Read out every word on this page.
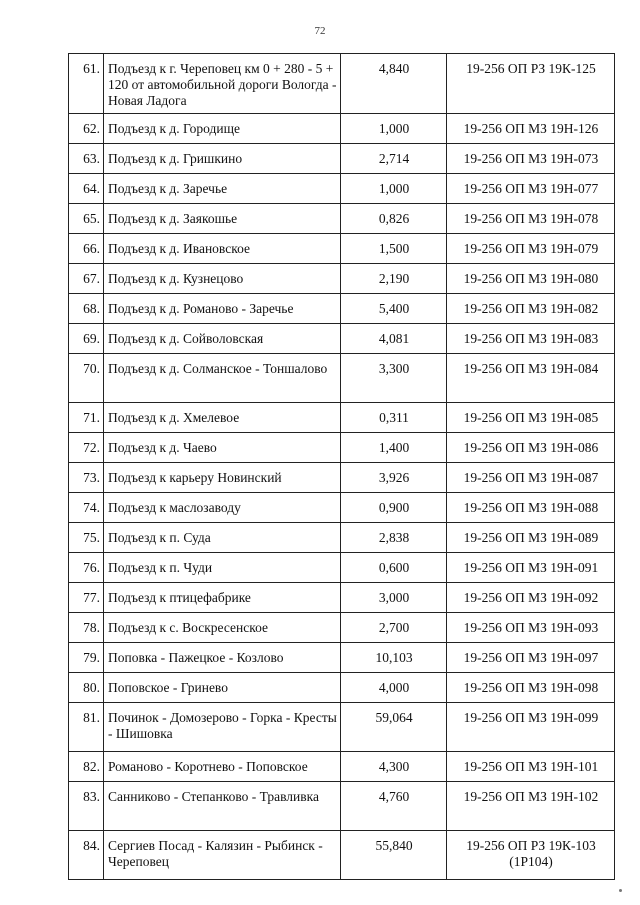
72
61.	Подъезд к г. Череповец км 0 + 280 - 5 + 120 от автомобильной дороги Вологда - Новая Ладога	4,840	19-256 ОП РЗ 19К-125
62.	Подъезд к д. Городище	1,000	19-256 ОП МЗ 19Н-126
63.	Подъезд к д. Гришкино	2,714	19-256 ОП МЗ 19Н-073
64.	Подъезд к д. Заречье	1,000	19-256 ОП МЗ 19Н-077
65.	Подъезд к д. Заякошье	0,826	19-256 ОП МЗ 19Н-078
66.	Подъезд к д. Ивановское	1,500	19-256 ОП МЗ 19Н-079
67.	Подъезд к д. Кузнецово	2,190	19-256 ОП МЗ 19Н-080
68.	Подъезд к д. Романово - Заречье	5,400	19-256 ОП МЗ 19Н-082
69.	Подъезд к д. Сойволовская	4,081	19-256 ОП МЗ 19Н-083
70.	Подъезд к д. Солманское - Тоншалово	3,300	19-256 ОП МЗ 19Н-084
71.	Подъезд к д. Хмелевое	0,311	19-256 ОП МЗ 19Н-085
72.	Подъезд к д. Чаево	1,400	19-256 ОП МЗ 19Н-086
73.	Подъезд к карьеру Новинский	3,926	19-256 ОП МЗ 19Н-087
74.	Подъезд к маслозаводу	0,900	19-256 ОП МЗ 19Н-088
75.	Подъезд к п. Суда	2,838	19-256 ОП МЗ 19Н-089
76.	Подъезд к п. Чуди	0,600	19-256 ОП МЗ 19Н-091
77.	Подъезд к птицефабрике	3,000	19-256 ОП МЗ 19Н-092
78.	Подъезд к с. Воскресенское	2,700	19-256 ОП МЗ 19Н-093
79.	Поповка - Пажецкое - Козлово	10,103	19-256 ОП МЗ 19Н-097
80.	Поповское - Гринево	4,000	19-256 ОП МЗ 19Н-098
81.	Починок - Домозерово - Горка - Кресты - Шишовка	59,064	19-256 ОП МЗ 19Н-099
82.	Романово - Коротнево - Поповское	4,300	19-256 ОП МЗ 19Н-101
83.	Санниково - Степанково - Травливка	4,760	19-256 ОП МЗ 19Н-102
84.	Сергиев Посад - Калязин - Рыбинск - Череповец	55,840	19-256 ОП РЗ 19К-103 (1Р104)
